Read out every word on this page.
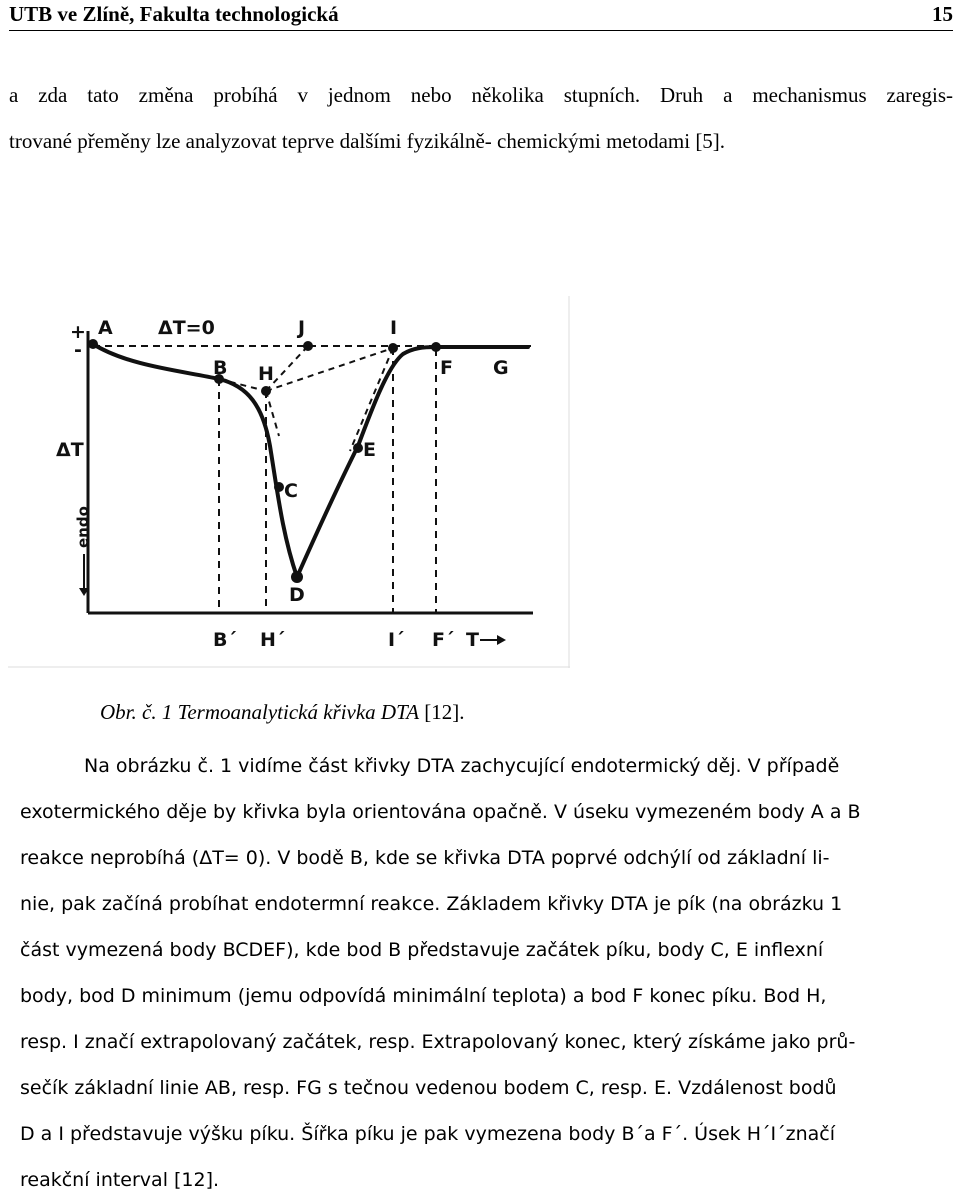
UTB ve Zlíně, Fakulta technologická	15
a zda tato změna probíhá v jednom nebo několika stupních. Druh a mechanismus zaregis-
trované přeměny lze analyzovat teprve dalšími fyzikálně- chemickými metodami [5].
+
-
A ΔT=0	J	I
B H	F G
E
C
D
ΔT
endo
B´ H´	I´ F´ T
Obr. č. 1 Termoanalytická křivka DTA [12].
Na obrázku č. 1 vidíme část křivky DTA zachycující endotermický děj. V případě
exotermického děje by křivka byla orientována opačně. V úseku vymezeném body A a B
reakce neprobíhá (ΔT= 0). V bodě B, kde se křivka DTA poprvé odchýlí od základní li-
nie, pak začíná probíhat endotermní reakce. Základem křivky DTA je pík (na obrázku 1
část vymezená body BCDEF), kde bod B představuje začátek píku, body C, E inflexní
body, bod D minimum (jemu odpovídá minimální teplota) a bod F konec píku. Bod H,
resp. I značí extrapolovaný začátek, resp. Extrapolovaný konec, který získáme jako prů-
sečík základní linie AB, resp. FG s tečnou vedenou bodem C, resp. E. Vzdálenost bodů
D a I představuje výšku píku. Šířka píku je pak vymezena body B´a F´. Úsek H´I´značí
reakční interval [12].
